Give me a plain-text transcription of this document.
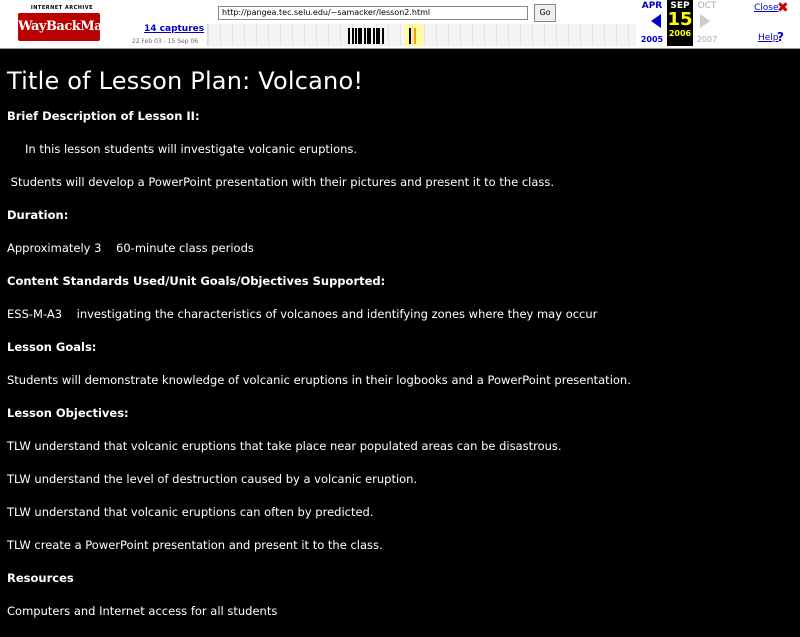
INTERNET ARCHIVE
WayBackMachine 14 captures
22 Feb 03 - 15 Sep 06
http://pangea.tec.selu.edu/~samacker/lesson2.html
Go
APR
2005
SEP
15
2006
OCT
2007
Close
✖
Help
?
Title of Lesson Plan: Volcano!
Brief Description of Lesson II:
In this lesson students will investigate volcanic eruptions.
Students will develop a PowerPoint presentation with their pictures and present it to the class.
Duration:
Approximately 3    60-minute class periods
Content Standards Used/Unit Goals/Objectives Supported:
ESS-M-A3    investigating the characteristics of volcanoes and identifying zones where they may occur
Lesson Goals:
Students will demonstrate knowledge of volcanic eruptions in their logbooks and a PowerPoint presentation.
Lesson Objectives:
TLW understand that volcanic eruptions that take place near populated areas can be disastrous.
TLW understand the level of destruction caused by a volcanic eruption.
TLW understand that volcanic eruptions can often by predicted.
TLW create a PowerPoint presentation and present it to the class.
Resources
Computers and Internet access for all students
